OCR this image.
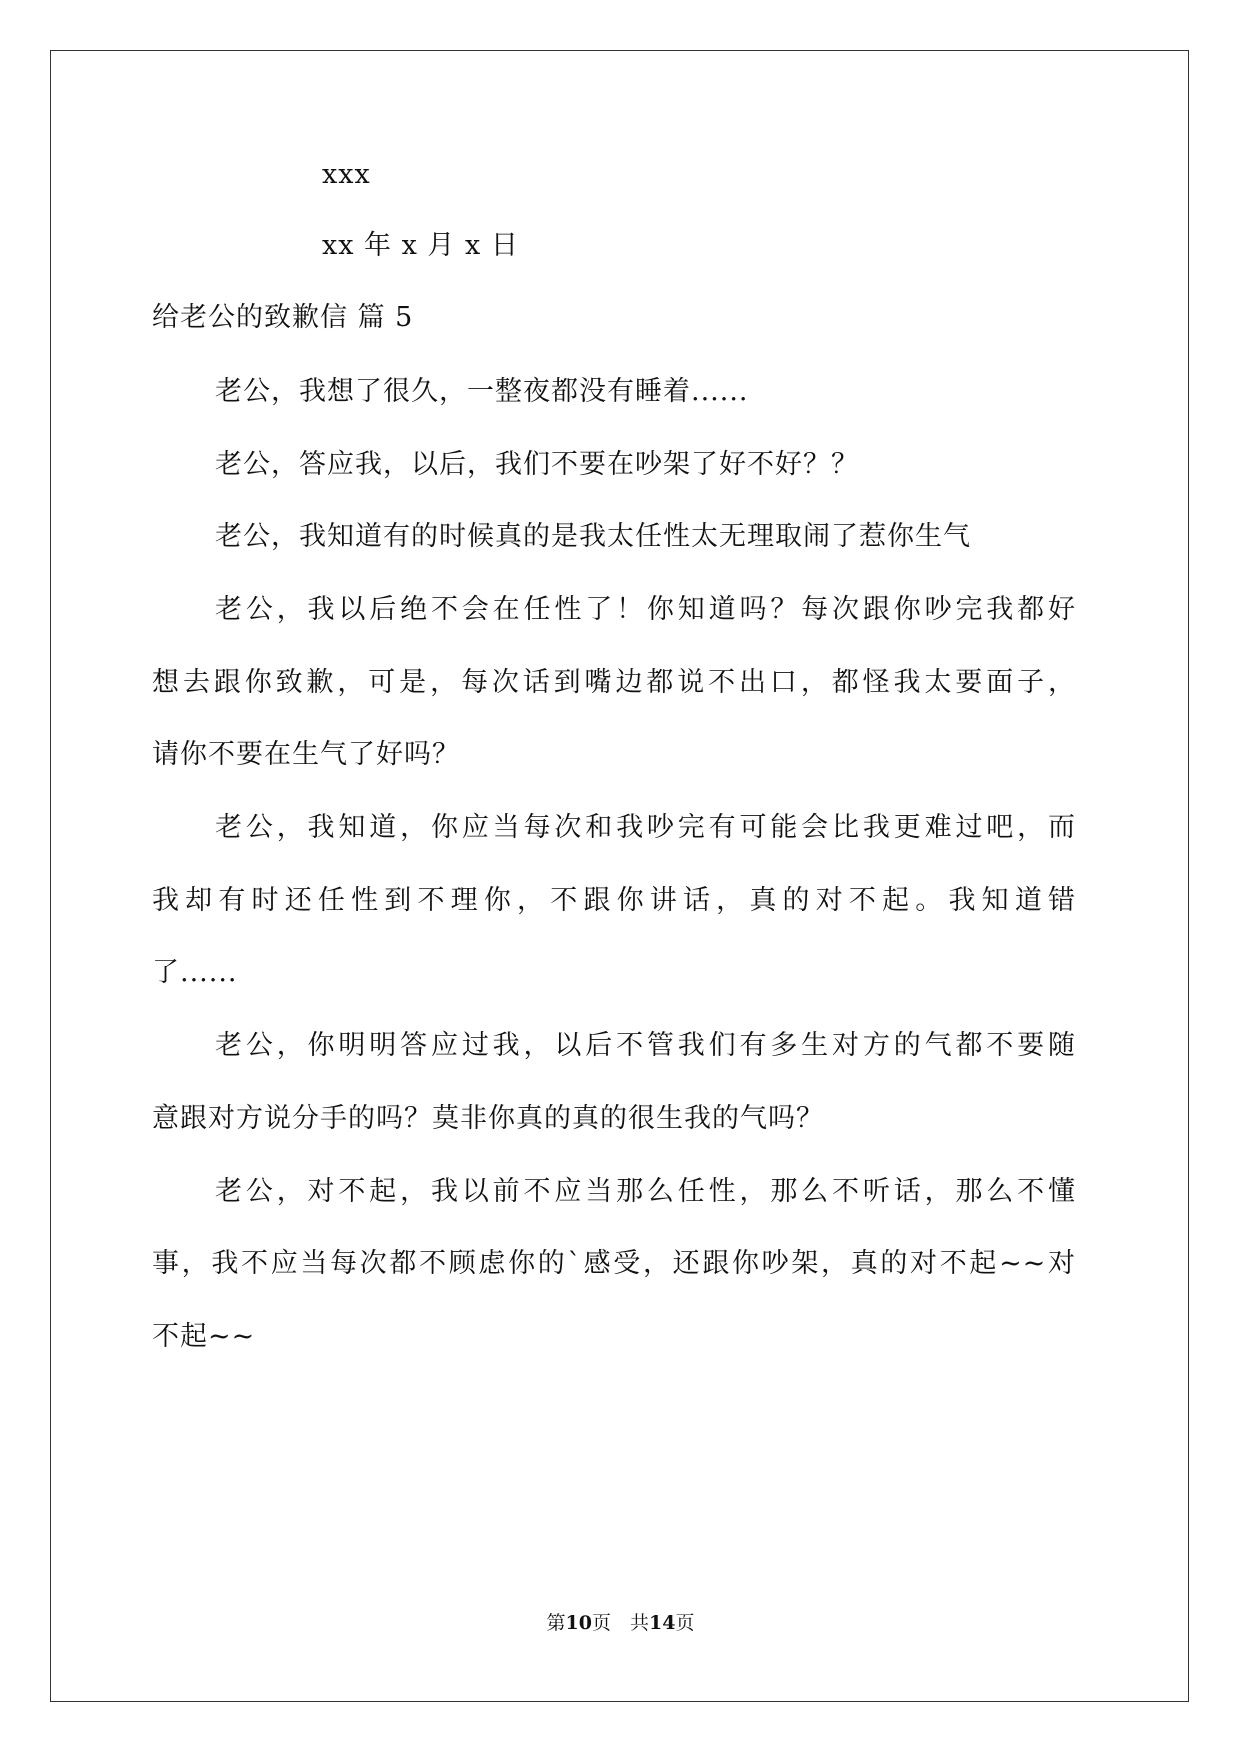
xxx
xx 年 x 月 x 日
给老公的致歉信 篇 5
老公，我想了很久，一整夜都没有睡着......
老公，答应我，以后，我们不要在吵架了好不好？？
老公，我知道有的时候真的是我太任性太无理取闹了惹你生气
老公，我以后绝不会在任性了！你知道吗？每次跟你吵完我都好
想去跟你致歉，可是，每次话到嘴边都说不出口，都怪我太要面子，
请你不要在生气了好吗？
老公，我知道，你应当每次和我吵完有可能会比我更难过吧，而
我却有时还任性到不理你，不跟你讲话，真的对不起。我知道错
了......
老公，你明明答应过我，以后不管我们有多生对方的气都不要随
意跟对方说分手的吗？莫非你真的真的很生我的气吗？
老公，对不起，我以前不应当那么任性，那么不听话，那么不懂
事，我不应当每次都不顾虑你的`感受，还跟你吵架，真的对不起~~对
不起~~
第10页　共14页
